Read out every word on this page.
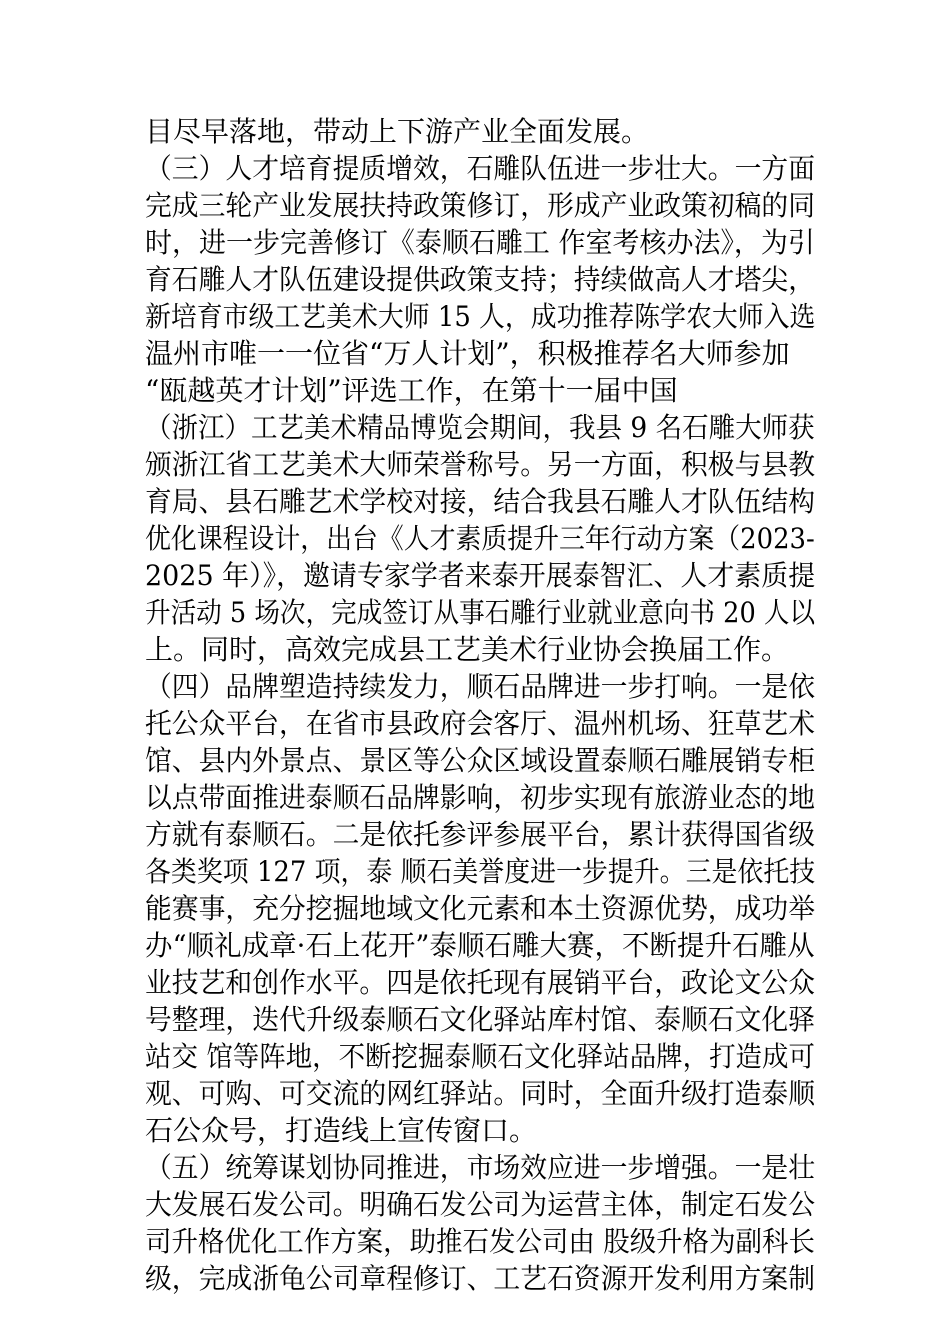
目尽早落地，带动上下游产业全面发展。
（三）人才培育提质增效，石雕队伍进一步壮大。一方面
完成三轮产业发展扶持政策修订，形成产业政策初稿的同
时，进一步完善修订《泰顺石雕工 作室考核办法》，为引
育石雕人才队伍建设提供政策支持；持续做高人才塔尖，
新培育市级工艺美术大师 15 人，成功推荐陈学农大师入选
温州市唯一一位省“万人计划”，积极推荐名大师参加
“瓯越英才计划”评选工作，在第十一届中国
（浙江）工艺美术精品博览会期间，我县 9 名石雕大师获
颁浙江省工艺美术大师荣誉称号。另一方面，积极与县教
育局、县石雕艺术学校对接，结合我县石雕人才队伍结构
优化课程设计，出台《人才素质提升三年行动方案（2023-
2025 年）》，邀请专家学者来泰开展泰智汇、人才素质提
升活动 5 场次，完成签订从事石雕行业就业意向书 20 人以
上。同时，高效完成县工艺美术行业协会换届工作。
（四）品牌塑造持续发力，顺石品牌进一步打响。一是依
托公众平台，在省市县政府会客厅、温州机场、狂草艺术
馆、县内外景点、景区等公众区域设置泰顺石雕展销专柜
以点带面推进泰顺石品牌影响，初步实现有旅游业态的地
方就有泰顺石。二是依托参评参展平台，累计获得国省级
各类奖项 127 项，泰 顺石美誉度进一步提升。三是依托技
能赛事，充分挖掘地域文化元素和本土资源优势，成功举
办“顺礼成章·石上花开”泰顺石雕大赛，不断提升石雕从
业技艺和创作水平。四是依托现有展销平台，政论文公众
号整理，迭代升级泰顺石文化驿站库村馆、泰顺石文化驿
站交 馆等阵地，不断挖掘泰顺石文化驿站品牌，打造成可
观、可购、可交流的网红驿站。同时，全面升级打造泰顺
石公众号，打造线上宣传窗口。
（五）统筹谋划协同推进，市场效应进一步增强。一是壮
大发展石发公司。明确石发公司为运营主体，制定石发公
司升格优化工作方案，助推石发公司由 股级升格为副科长
级，完成浙龟公司章程修订、工艺石资源开发利用方案制
